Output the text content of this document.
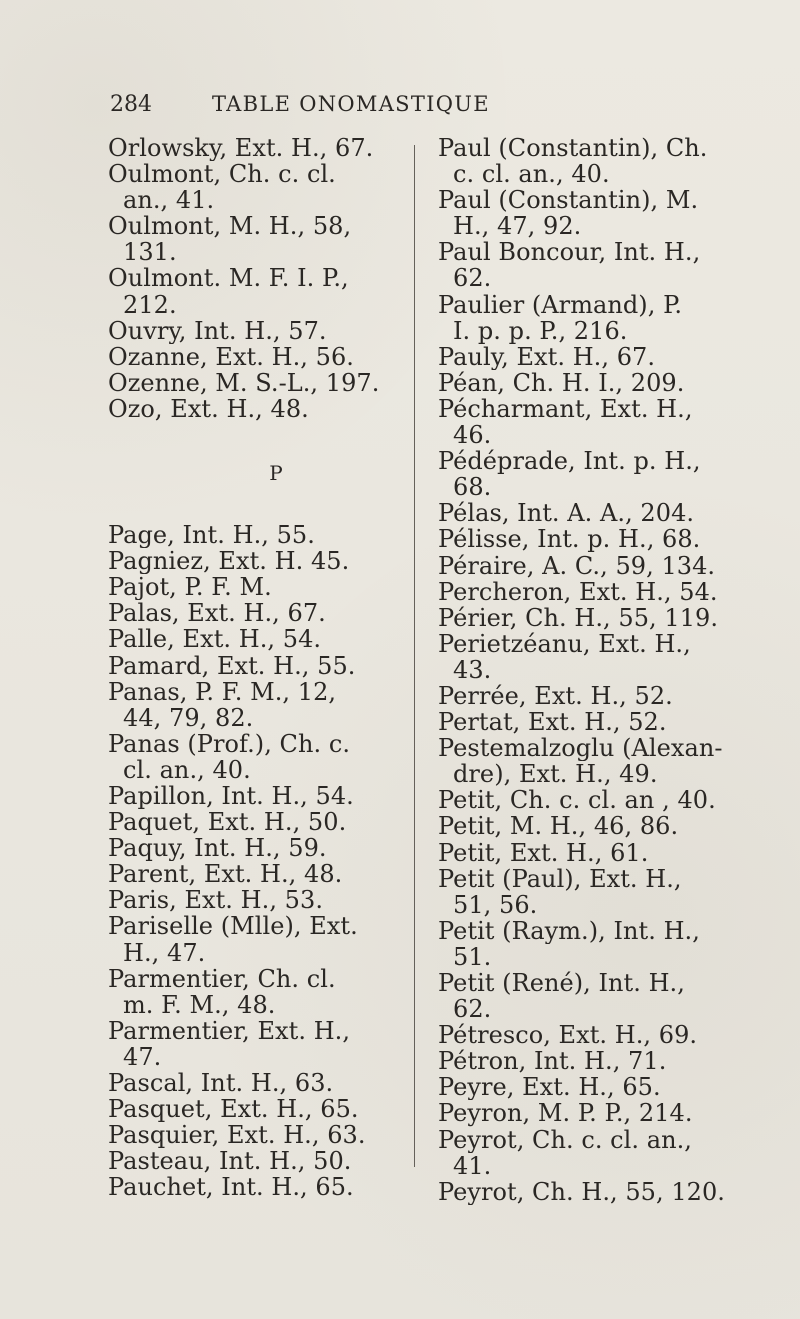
284	TABLE ONOMASTIQUE
Orlowsky, Ext. H., 67.
Oulmont, Ch. c. cl.
an., 41.
Oulmont, M. H., 58,
131.
Oulmont. M. F. I. P.,
212.
Ouvry, Int. H., 57.
Ozanne, Ext. H., 56.
Ozenne, M. S.-L., 197.
Ozo, Ext. H., 48.
P
Page, Int. H., 55.
Pagniez, Ext. H. 45.
Pajot, P. F. M.
Palas, Ext. H., 67.
Palle, Ext. H., 54.
Pamard, Ext. H., 55.
Panas, P. F. M., 12,
44, 79, 82.
Panas (Prof.), Ch. c.
cl. an., 40.
Papillon, Int. H., 54.
Paquet, Ext. H., 50.
Paquy, Int. H., 59.
Parent, Ext. H., 48.
Paris, Ext. H., 53.
Pariselle (Mlle), Ext.
H., 47.
Parmentier, Ch. cl.
m. F. M., 48.
Parmentier, Ext. H.,
47.
Pascal, Int. H., 63.
Pasquet, Ext. H., 65.
Pasquier, Ext. H., 63.
Pasteau, Int. H., 50.
Pauchet, Int. H., 65.
Paul (Constantin), Ch.
c. cl. an., 40.
Paul (Constantin), M.
H., 47, 92.
Paul Boncour, Int. H.,
62.
Paulier (Armand), P.
I. p. p. P., 216.
Pauly, Ext. H., 67.
Péan, Ch. H. I., 209.
Pécharmant, Ext. H.,
46.
Pédéprade, Int. p. H.,
68.
Pélas, Int. A. A., 204.
Pélisse, Int. p. H., 68.
Péraire, A. C., 59, 134.
Percheron, Ext. H., 54.
Périer, Ch. H., 55, 119.
Perietzéanu, Ext. H.,
43.
Perrée, Ext. H., 52.
Pertat, Ext. H., 52.
Pestemalzoglu (Alexan-
dre), Ext. H., 49.
Petit, Ch. c. cl. an , 40.
Petit, M. H., 46, 86.
Petit, Ext. H., 61.
Petit (Paul), Ext. H.,
51, 56.
Petit (Raym.), Int. H.,
51.
Petit (René), Int. H.,
62.
Pétresco, Ext. H., 69.
Pétron, Int. H., 71.
Peyre, Ext. H., 65.
Peyron, M. P. P., 214.
Peyrot, Ch. c. cl. an.,
41.
Peyrot, Ch. H., 55, 120.
